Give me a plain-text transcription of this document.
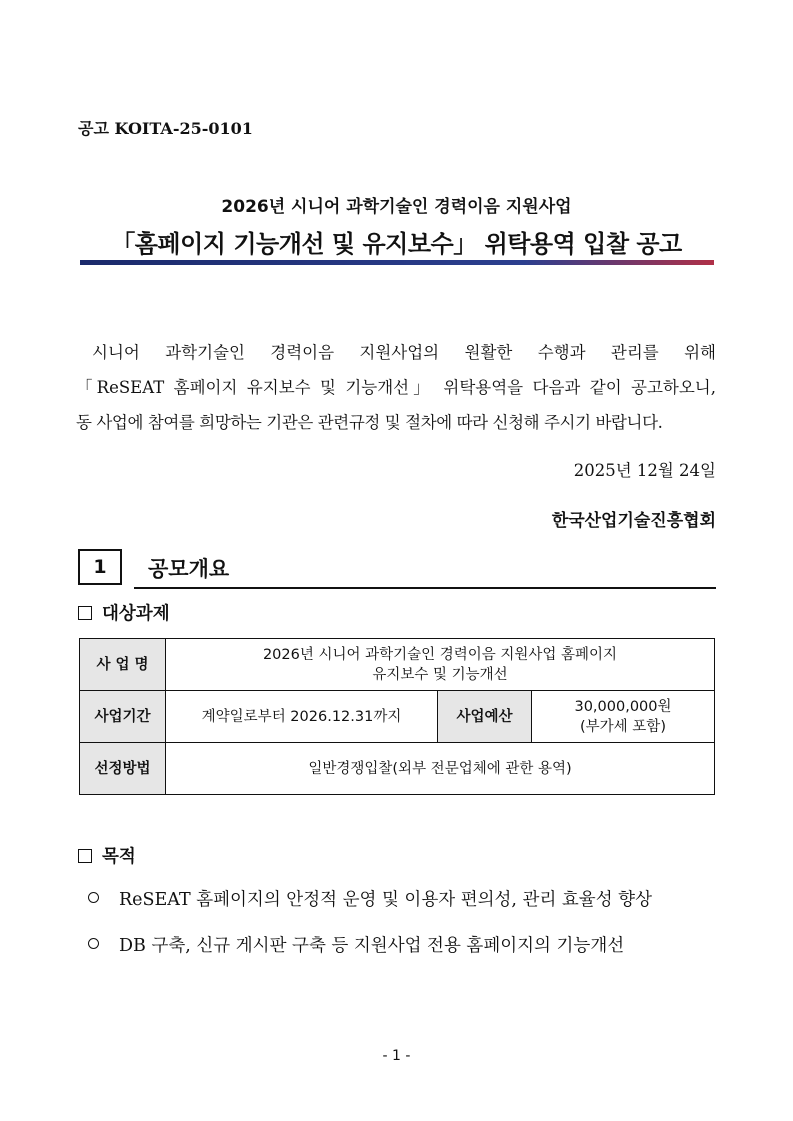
공고 KOITA-25-0101
2026년 시니어 과학기술인 경력이음 지원사업
「홈페이지 기능개선 및 유지보수」 위탁용역 입찰 공고
시니어 과학기술인 경력이음 지원사업의 원활한 수행과 관리를 위해
「ReSEAT 홈페이지 유지보수 및 기능개선」 위탁용역을 다음과 같이 공고하오니,
동 사업에 참여를 희망하는 기관은 관련규정 및 절차에 따라 신청해 주시기 바랍니다.
2025년 12월 24일
한국산업기술진흥협회
1	공모개요
대상과제
사 업 명	2026년 시니어 과학기술인 경력이음 지원사업 홈페이지
유지보수 및 기능개선		

사업기간	계약일로부터 2026.12.31까지	사업예산	30,000,000원
(부가세 포함)

선정방법	일반경쟁입찰(외부 전문업체에 관한 용역)		
목적
ReSEAT 홈페이지의 안정적 운영 및 이용자 편의성, 관리 효율성 향상
DB 구축, 신규 게시판 구축 등 지원사업 전용 홈페이지의 기능개선
- 1 -
